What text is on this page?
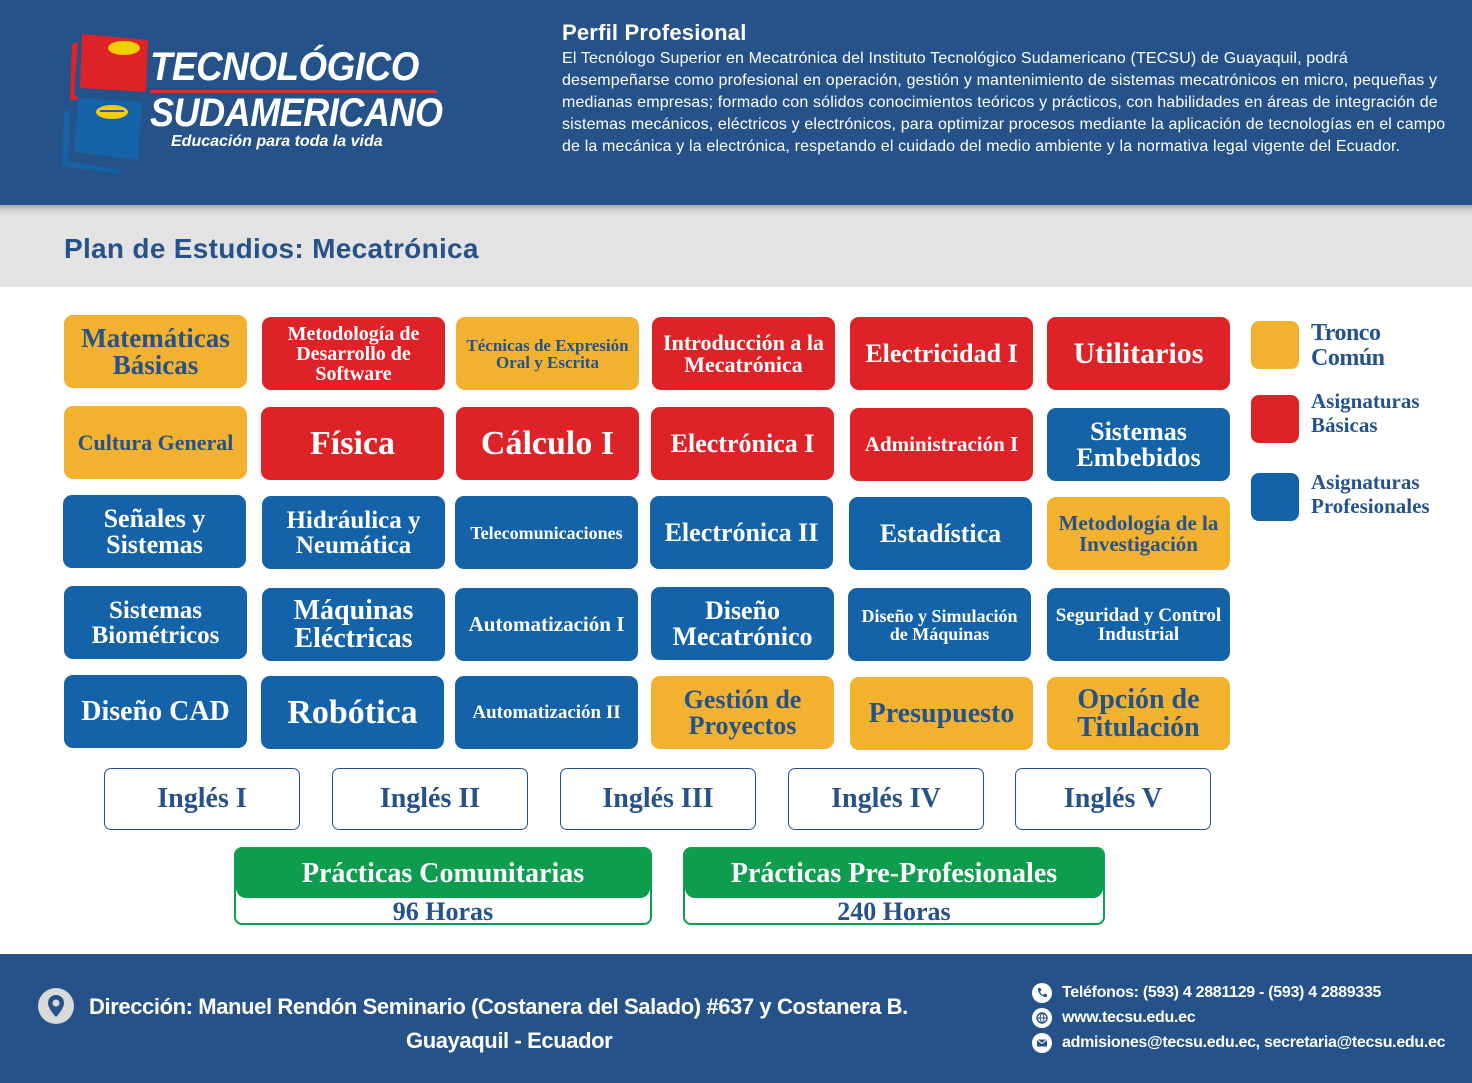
TECNOLÓGICO
SUDAMERICANO
Educación para toda la vida
Perfil Profesional

El Tecnólogo Superior en Mecatrónica del Instituto Tecnológico Sudamericano (TECSU) de Guayaquil, podrá desempeñarse como profesional en operación, gestión y mantenimiento de sistemas mecatrónicos en micro, pequeñas y medianas empresas; formado con sólidos conocimientos teóricos y prácticos, con habilidades en áreas de integración de sistemas mecánicos, eléctricos y electrónicos, para optimizar procesos mediante la aplicación de tecnologías en el campo de la mecánica y la electrónica, respetando el cuidado del medio ambiente y la normativa legal vigente del Ecuador.

Plan de Estudios: Mecatrónica
Matemáticas Básicas
Metodología de Desarrollo de Software
Técnicas de Expresión Oral y Escrita
Introducción a la Mecatrónica	Electricidad I	Utilitarios
Cultura General	Física	Cálculo I	Electrónica I	Administración I	Sistemas Embebidos
Señales y Sistemas
Hidráulica y Neumática	Telecomunicaciones	Electrónica II	Estadística	Metodología de la Investigación
Sistemas Biométricos
Máquinas Eléctricas	Automatización I	Diseño Mecatrónico
Diseño y Simulación de Máquinas
Seguridad y Control Industrial
Diseño CAD	Robótica	Automatización II	Gestión de Proyectos	Presupuesto	Opción de Titulación
Tronco Común
Asignaturas Básicas
Asignaturas Profesionales
Inglés I	Inglés II	Inglés III	Inglés IV	Inglés V
Prácticas Comunitarias
96 Horas
Prácticas Pre-Profesionales
240 Horas
Dirección: Manuel Rendón Seminario (Costanera del Salado) #637 y Costanera B.
Guayaquil - Ecuador
Teléfonos: (593) 4 2881129 - (593) 4 2889335
www.tecsu.edu.ec
admisiones@tecsu.edu.ec, secretaria@tecsu.edu.ec
